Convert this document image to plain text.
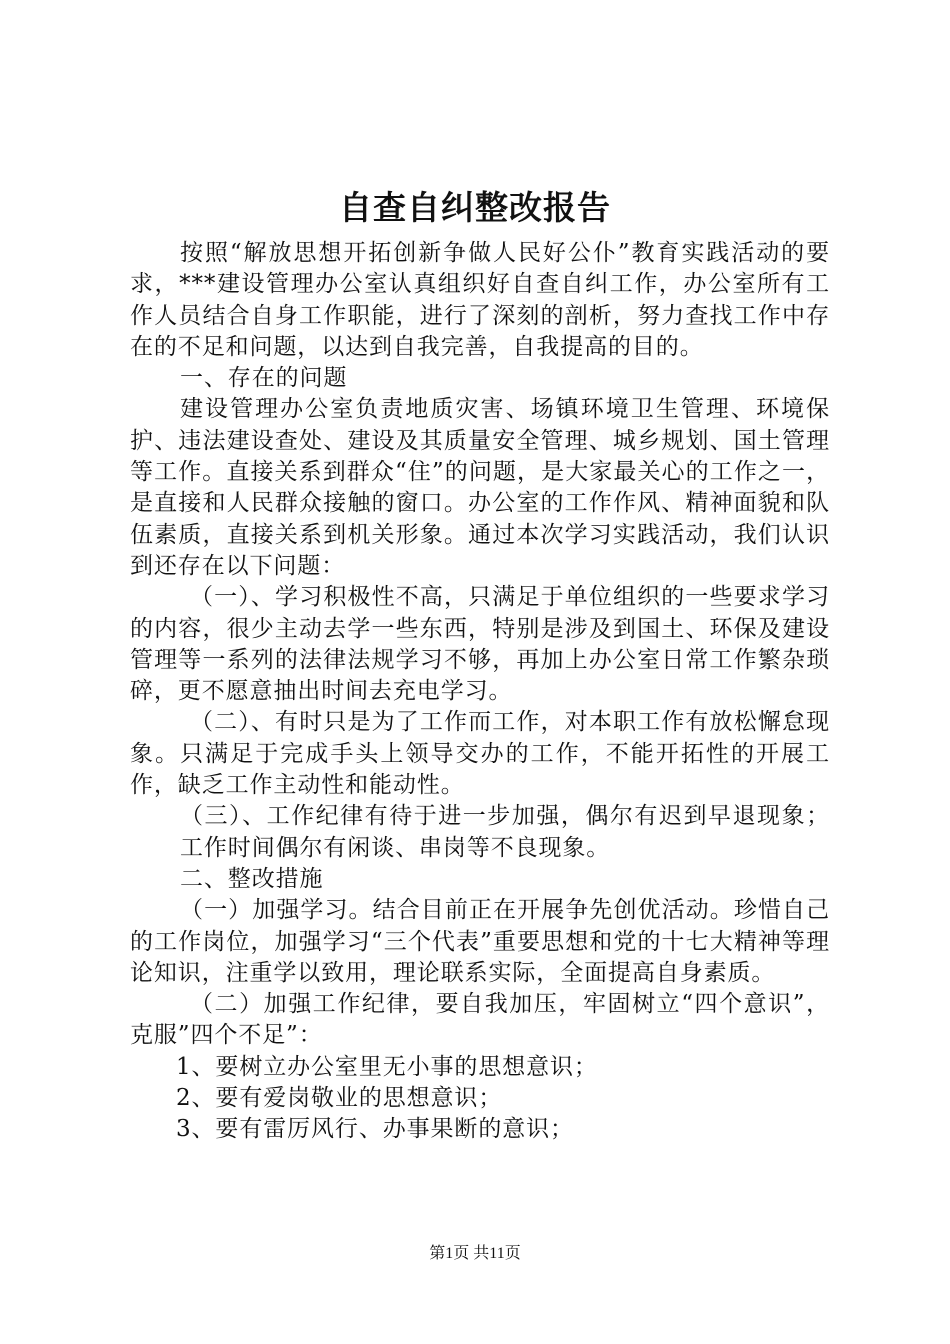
自查自纠整改报告

按照“解放思想开拓创新争做人民好公仆”教育实践活动的要求，***建设管理办公室认真组织好自查自纠工作，办公室所有工作人员结合自身工作职能，进行了深刻的剖析，努力查找工作中存在的不足和问题，以达到自我完善，自我提高的目的。

一、存在的问题

建设管理办公室负责地质灾害、场镇环境卫生管理、环境保护、违法建设查处、建设及其质量安全管理、城乡规划、国土管理等工作。直接关系到群众“住”的问题，是大家最关心的工作之一，是直接和人民群众接触的窗口。办公室的工作作风、精神面貌和队伍素质，直接关系到机关形象。通过本次学习实践活动，我们认识到还存在以下问题：

（一）、学习积极性不高，只满足于单位组织的一些要求学习的内容，很少主动去学一些东西，特别是涉及到国土、环保及建设管理等一系列的法律法规学习不够，再加上办公室日常工作繁杂琐碎，更不愿意抽出时间去充电学习。

（二）、有时只是为了工作而工作，对本职工作有放松懈怠现象。只满足于完成手头上领导交办的工作，不能开拓性的开展工作，缺乏工作主动性和能动性。

（三）、工作纪律有待于进一步加强，偶尔有迟到早退现象；工作时间偶尔有闲谈、串岗等不良现象。

二、整改措施

（一）加强学习。结合目前正在开展争先创优活动。珍惜自己的工作岗位，加强学习“三个代表”重要思想和党的十七大精神等理论知识，注重学以致用，理论联系实际，全面提高自身素质。

（二）加强工作纪律，要自我加压，牢固树立“四个意识”，克服”四个不足”：

1、要树立办公室里无小事的思想意识；

2、要有爱岗敬业的思想意识；

3、要有雷厉风行、办事果断的意识；

第1页 共11页
